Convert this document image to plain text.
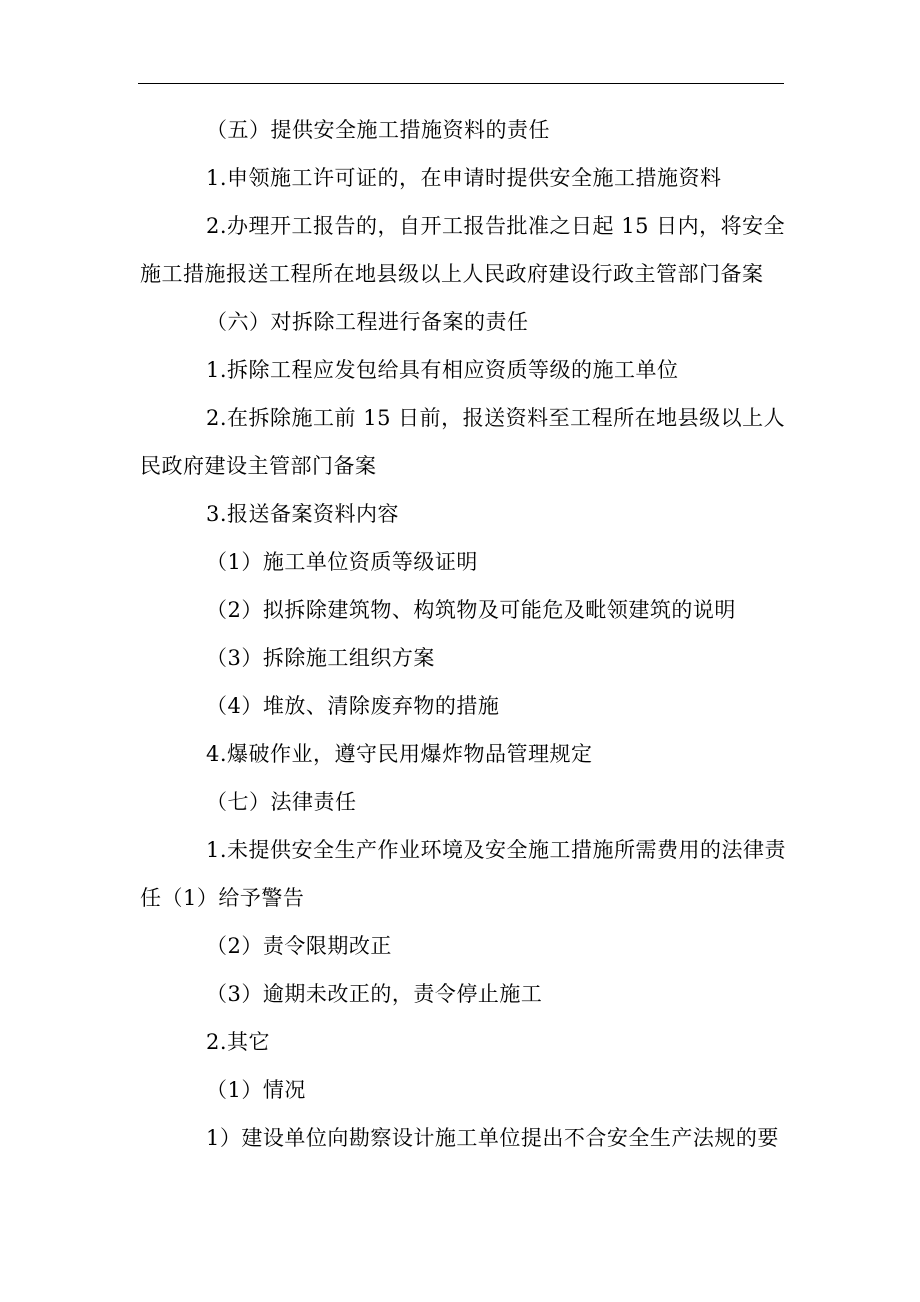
（五）提供安全施工措施资料的责任

1.申领施工许可证的，在申请时提供安全施工措施资料

2.办理开工报告的，自开工报告批准之日起 15 日内，将安全

施工措施报送工程所在地县级以上人民政府建设行政主管部门备案

（六）对拆除工程进行备案的责任

1.拆除工程应发包给具有相应资质等级的施工单位

2.在拆除施工前 15 日前，报送资料至工程所在地县级以上人

民政府建设主管部门备案

3.报送备案资料内容

（1）施工单位资质等级证明

（2）拟拆除建筑物、构筑物及可能危及毗领建筑的说明

（3）拆除施工组织方案

（4）堆放、清除废弃物的措施

4.爆破作业，遵守民用爆炸物品管理规定

（七）法律责任

1.未提供安全生产作业环境及安全施工措施所需费用的法律责

任（1）给予警告

（2）责令限期改正

（3）逾期未改正的，责令停止施工

2.其它

（1）情况

1）建设单位向勘察设计施工单位提出不合安全生产法规的要
